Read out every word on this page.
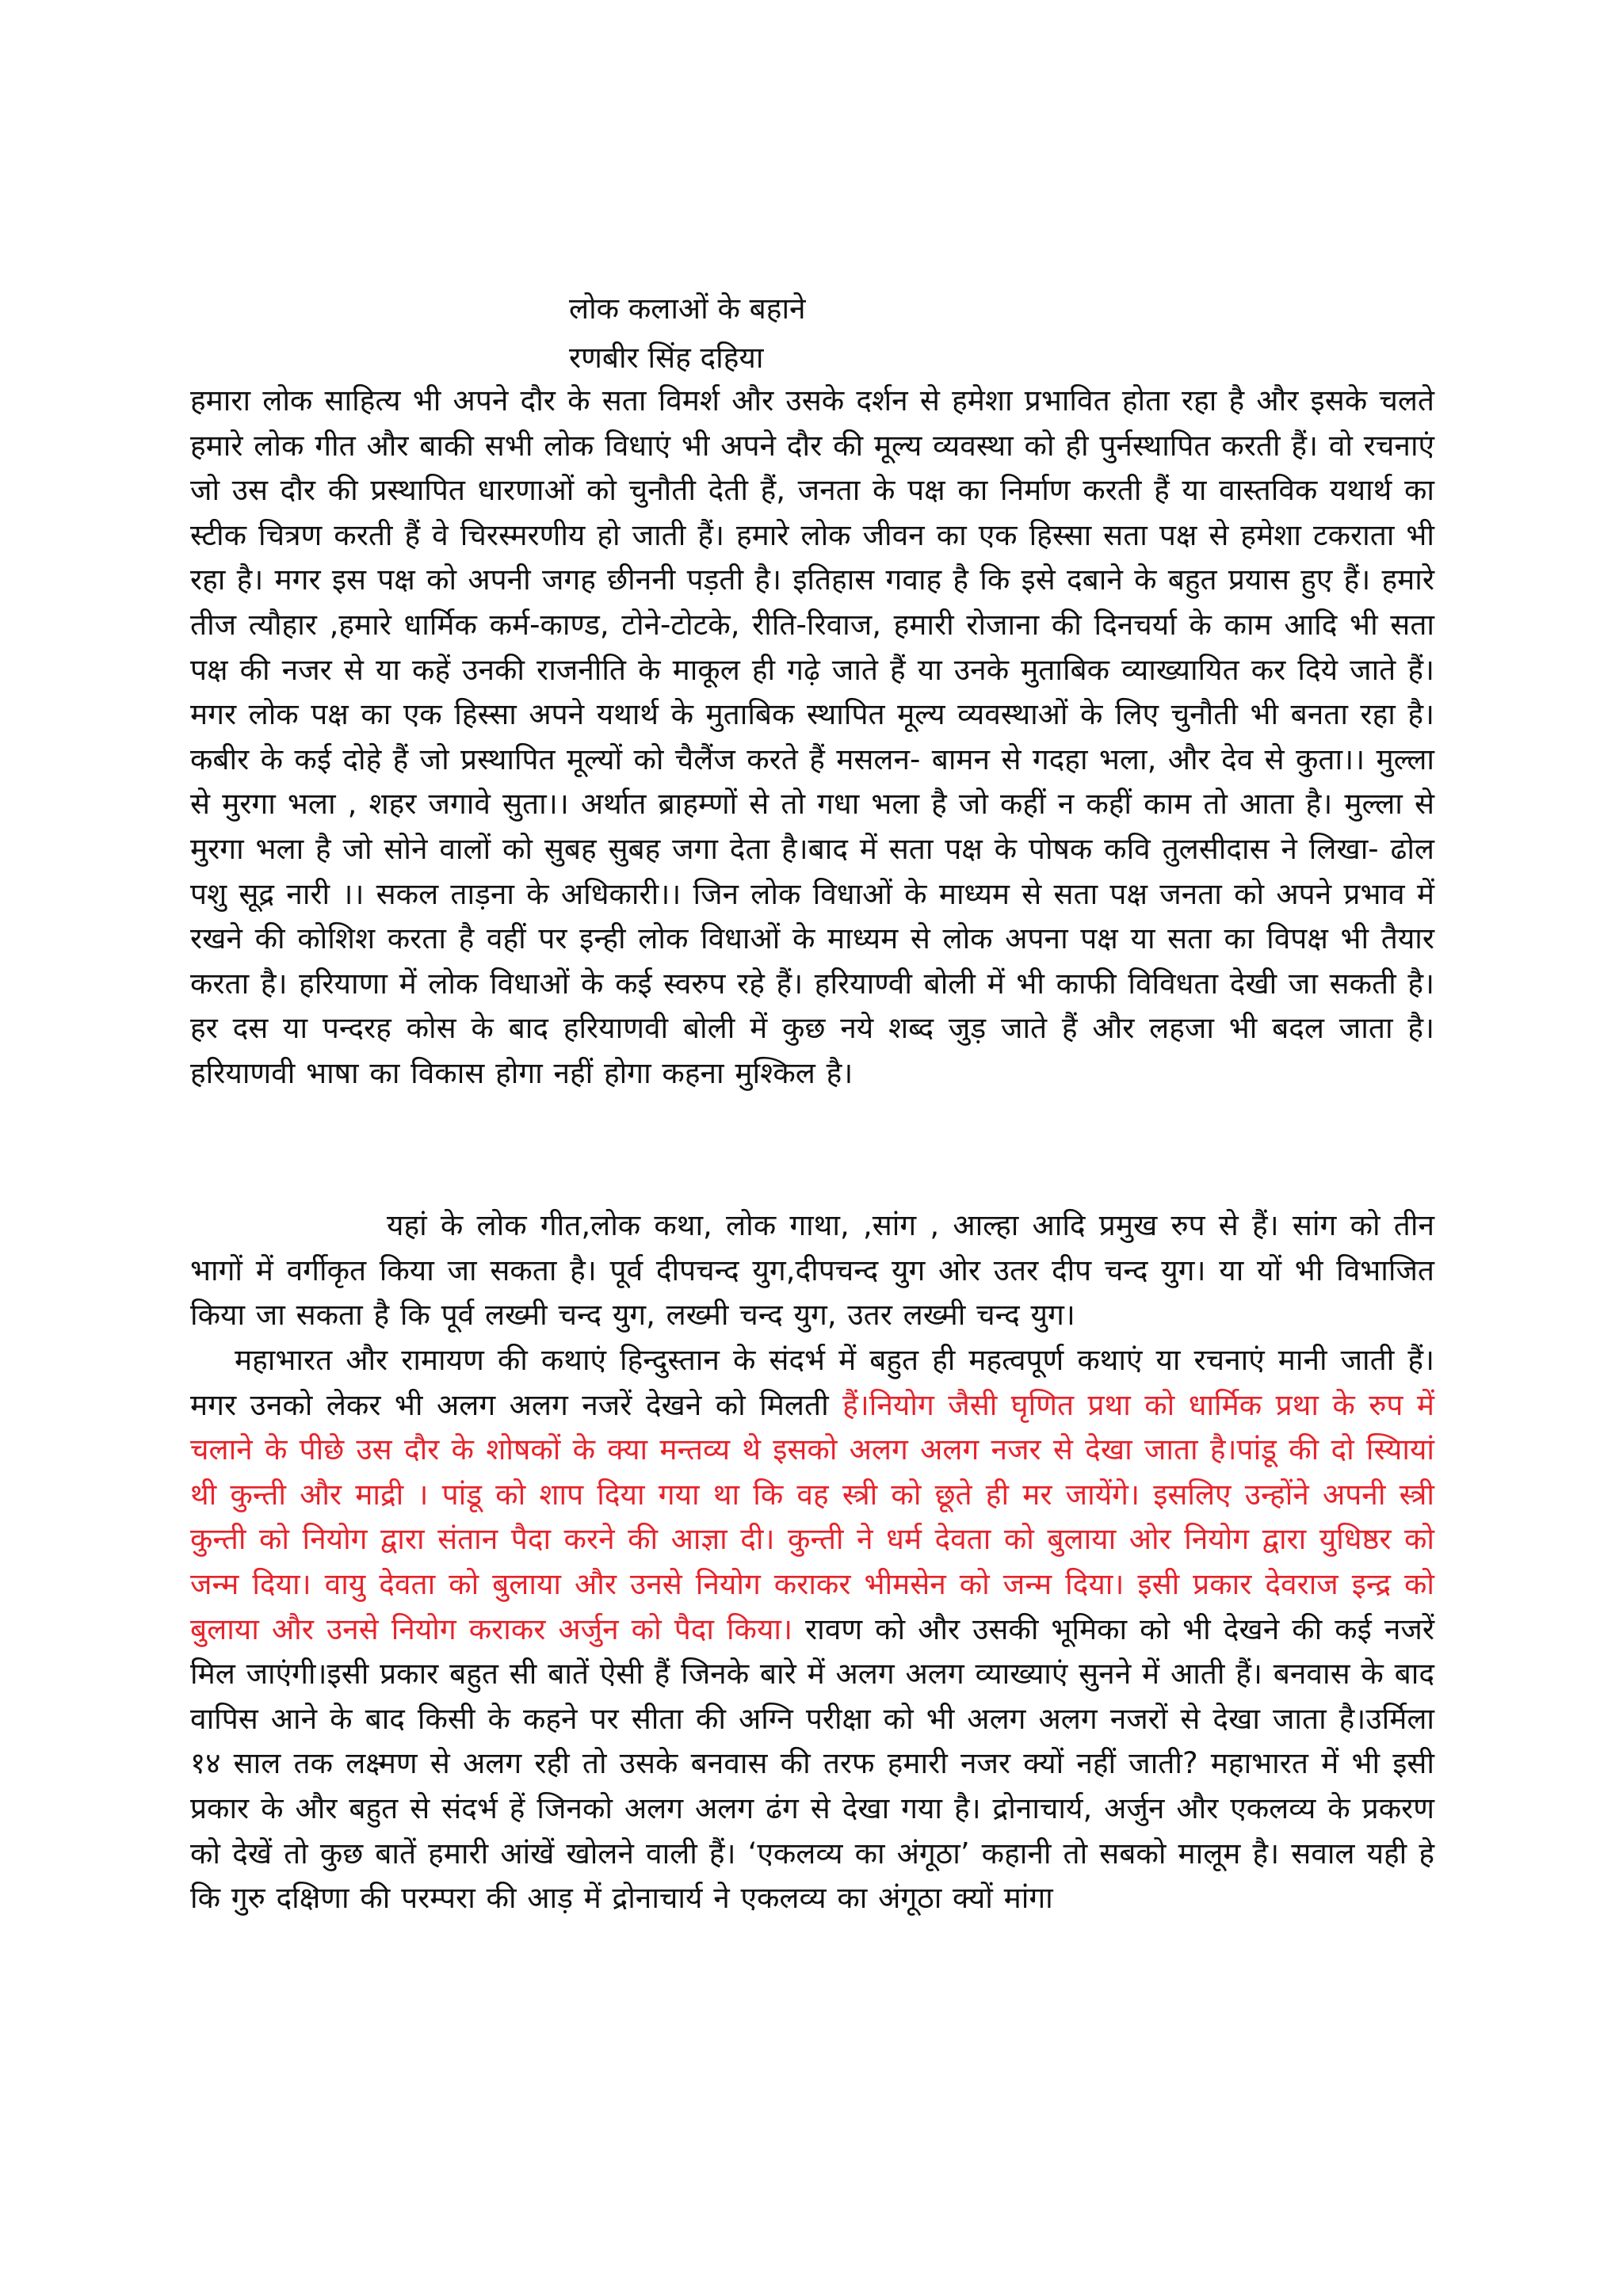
लोक कलाओं के बहाने
रणबीर सिंह दहिया

हमारा लोक साहित्य भी अपने दौर के सता विमर्श और उसके दर्शन से हमेशा प्रभावित होता रहा है और इसके चलते हमारे लोक गीत और बाकी सभी लोक विधाएं भी अपने दौर की मूल्य व्यवस्था को ही पुर्नस्थापित करती हैं। वो रचनाएं जो उस दौर की प्रस्थापित धारणाओं को चुनौती देती हैं, जनता के पक्ष का निर्माण करती हैं या वास्तविक यथार्थ का स्टीक चित्रण करती हैं वे चिरस्मरणीय हो जाती हैं। हमारे लोक जीवन का एक हिस्सा सता पक्ष से हमेशा टकराता भी रहा है। मगर इस पक्ष को अपनी जगह छीननी पड़ती है। इतिहास गवाह है कि इसे दबाने के बहुत प्रयास हुए हैं। हमारे तीज त्यौहार ,हमारे धार्मिक कर्म-काण्ड, टोने-टोटके, रीति-रिवाज, हमारी रोजाना की दिनचर्या के काम आदि भी सता पक्ष की नजर से या कहें उनकी राजनीति के माकूल ही गढ़े जाते हैं या उनके मुताबिक व्याख्यायित कर दिये जाते हैं। मगर लोक पक्ष का एक हिस्सा अपने यथार्थ के मुताबिक स्थापित मूल्य व्यवस्थाओं के लिए चुनौती भी बनता रहा है।कबीर के कई दोहे हैं जो प्रस्थापित मूल्यों को चैलैंज करते हैं मसलन- बामन से गदहा भला, और देव से कुता।। मुल्ला से मुरगा भला , शहर जगावे सुता।। अर्थात ब्राहम्णों से तो गधा भला है जो कहीं न कहीं काम तो आता है। मुल्ला से मुरगा भला है जो सोने वालों को सुबह सुबह जगा देता है।बाद में सता पक्ष के पोषक कवि तुलसीदास ने लिखा- ढोल पशु सूद्र नारी ।। सकल ताड़ना के अधिकारी।। जिन लोक विधाओं के माध्यम से सता पक्ष जनता को अपने प्रभाव में रखने की कोशिश करता है वहीं पर इन्ही लोक विधाओं के माध्यम से लोक अपना पक्ष या सता का विपक्ष भी तैयार करता है। हरियाणा में लोक विधाओं के कई स्वरुप रहे हैं। हरियाण्वी बोली में भी काफी विविधता देखी जा सकती है। हर दस या पन्दरह कोस के बाद हरियाणवी बोली में कुछ नये शब्द जुड़ जाते हैं और लहजा भी बदल जाता है। हरियाणवी भाषा का विकास होगा नहीं होगा कहना मुश्किल है।

यहां के लोक गीत,लोक कथा, लोक गाथा, ,सांग , आल्हा आदि प्रमुख रुप से हैं। सांग को तीन भागों में वर्गीकृत किया जा सकता है। पूर्व दीपचन्द युग,दीपचन्द युग ओर उतर दीप चन्द युग। या यों भी विभाजित किया जा सकता है कि पूर्व लख्मी चन्द युग, लख्मी चन्द युग, उतर लख्मी चन्द युग।

महाभारत और रामायण की कथाएं हिन्दुस्तान के संदर्भ में बहुत ही महत्वपूर्ण कथाएं या रचनाएं मानी जाती हैं।मगर उनको लेकर भी अलग अलग नजरें देखने को मिलती हैं।नियोग जैसी घृणित प्रथा को धार्मिक प्रथा के रुप में चलाने के पीछे उस दौर के शोषकों के क्या मन्तव्य थे इसको अलग अलग नजर से देखा जाता है।पांडू की दो स्यिायां थी कुन्ती और माद्री । पांडू को शाप दिया गया था कि वह स्त्री को छूते ही मर जायेंगे। इसलिए उन्होंने अपनी स्त्री कुन्ती को नियोग द्वारा संतान पैदा करने की आज्ञा दी। कुन्ती ने धर्म देवता को बुलाया ओर नियोग द्वारा युधिष्ठर को जन्म दिया। वायु देवता को बुलाया और उनसे नियोग कराकर भीमसेन को जन्म दिया। इसी प्रकार देवराज इन्द्र को बुलाया और उनसे नियोग कराकर अर्जुन को पैदा किया। रावण को और उसकी भूमिका को भी देखने की कई नजरें मिल जाएंगी।इसी प्रकार बहुत सी बातें ऐसी हैं जिनके बारे में अलग अलग व्याख्याएं सुनने में आती हैं। बनवास के बाद वापिस आने के बाद किसी के कहने पर सीता की अग्नि परीक्षा को भी अलग अलग नजरों से देखा जाता है।उर्मिला १४ साल तक लक्ष्मण से अलग रही तो उसके बनवास की तरफ हमारी नजर क्यों नहीं जाती? महाभारत में भी इसी प्रकार के और बहुत से संदर्भ हें जिनको अलग अलग ढंग से देखा गया है। द्रोनाचार्य, अर्जुन और एकलव्य के प्रकरण को देखें तो कुछ बातें हमारी आंखें खोलने वाली हैं। ‘एकलव्य का अंगूठा’ कहानी तो सबको मालूम है। सवाल यही हे कि गुरु दक्षिणा की परम्परा की आड़ में द्रोनाचार्य ने एकलव्य का अंगूठा क्यों मांगा
